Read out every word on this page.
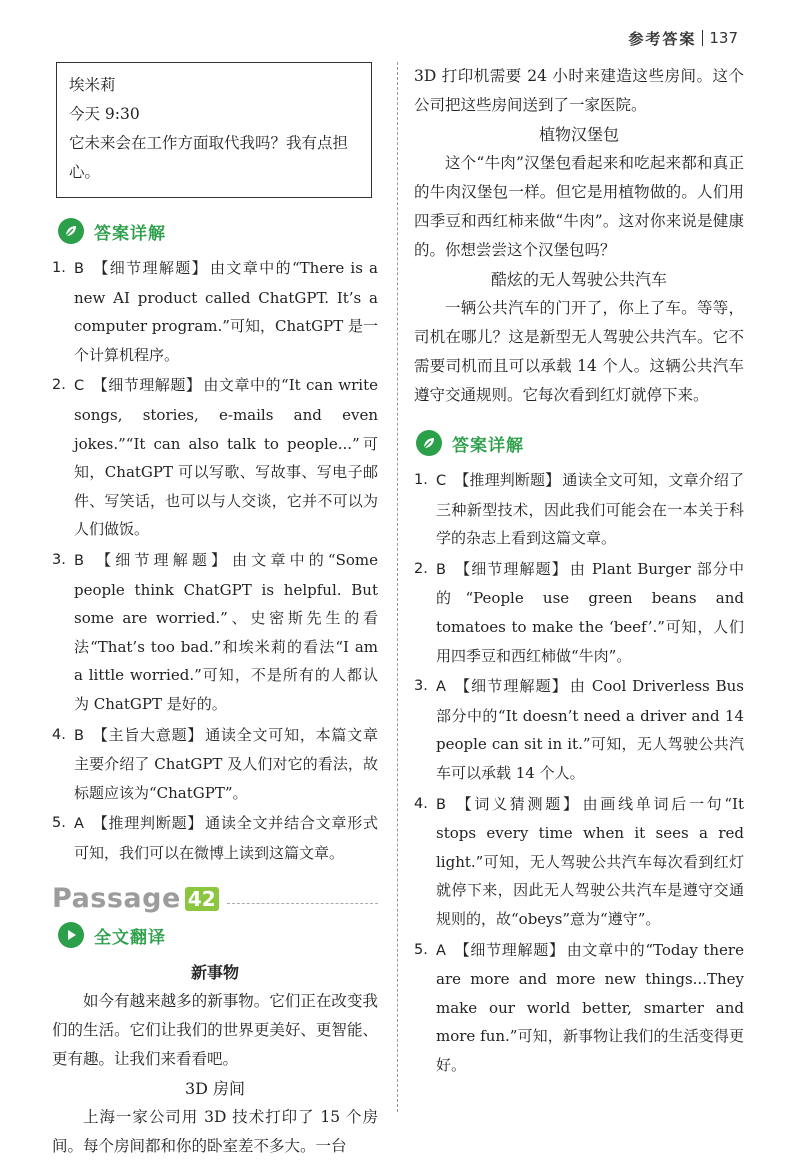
参考答案 137
埃米莉
今天 9:30
它未来会在工作方面取代我吗？我有点担心。
答案详解
1. B 【细节理解题】 由文章中的“There is a new AI product called ChatGPT. It’s a computer program.”可知，ChatGPT 是一个计算机程序。
2. C 【细节理解题】 由文章中的“It can write songs, stories, e-mails and even jokes.”“It can also talk to people...”可知，ChatGPT 可以写歌、写故事、写电子邮件、写笑话，也可以与人交谈，它并不可以为人们做饭。
3. B 【细节理解题】 由文章中的“Some people think ChatGPT is helpful. But some are worried.”、史密斯先生的看法“That’s too bad.”和埃米莉的看法“I am a little worried.”可知，不是所有的人都认为 ChatGPT 是好的。
4. B 【主旨大意题】 通读全文可知，本篇文章主要介绍了 ChatGPT 及人们对它的看法，故标题应该为“ChatGPT”。
5. A 【推理判断题】 通读全文并结合文章形式可知，我们可以在微博上读到这篇文章。
Passage 42
全文翻译
新事物
如今有越来越多的新事物。它们正在改变我们的生活。它们让我们的世界更美好、更智能、更有趣。让我们来看看吧。
3D 房间
上海一家公司用 3D 技术打印了 15 个房间。每个房间都和你的卧室差不多大。一台
3D 打印机需要 24 小时来建造这些房间。这个公司把这些房间送到了一家医院。
植物汉堡包
这个“牛肉”汉堡包看起来和吃起来都和真正的牛肉汉堡包一样。但它是用植物做的。人们用四季豆和西红柿来做“牛肉”。这对你来说是健康的。你想尝尝这个汉堡包吗？
酷炫的无人驾驶公共汽车
一辆公共汽车的门开了，你上了车。等等，司机在哪儿？这是新型无人驾驶公共汽车。它不需要司机而且可以承载 14 个人。这辆公共汽车遵守交通规则。它每次看到红灯就停下来。
答案详解
1. C 【推理判断题】 通读全文可知，文章介绍了三种新型技术，因此我们可能会在一本关于科学的杂志上看到这篇文章。
2. B 【细节理解题】 由 Plant Burger 部分中的“People use green beans and tomatoes to make the ‘beef’.”可知，人们用四季豆和西红柿做“牛肉”。
3. A 【细节理解题】 由 Cool Driverless Bus 部分中的“It doesn’t need a driver and 14 people can sit in it.”可知，无人驾驶公共汽车可以承载 14 个人。
4. B 【词义猜测题】 由画线单词后一句“It stops every time when it sees a red light.”可知，无人驾驶公共汽车每次看到红灯就停下来，因此无人驾驶公共汽车是遵守交通规则的，故“obeys”意为“遵守”。
5. A 【细节理解题】 由文章中的“Today there are more and more new things...They make our world better, smarter and more fun.”可知，新事物让我们的生活变得更好。
